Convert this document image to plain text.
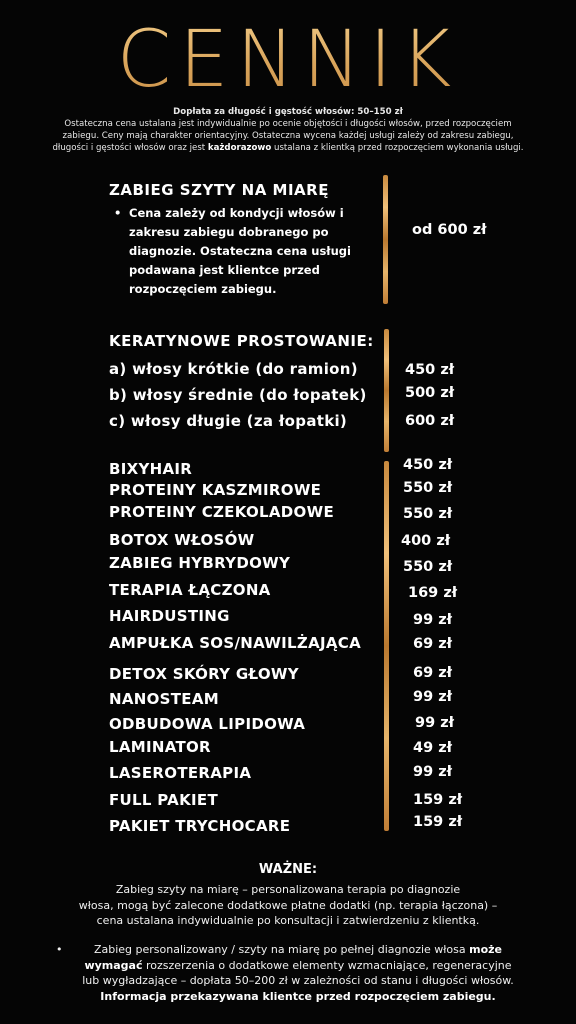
CENNIK
Dopłata za długość i gęstość włosów: 50–150 zł
Ostateczna cena ustalana jest indywidualnie po ocenie objętości i długości włosów, przed rozpoczęciem
zabiegu. Ceny mają charakter orientacyjny. Ostateczna wycena każdej usługi zależy od zakresu zabiegu,
długości i gęstości włosów oraz jest każdorazowo ustalana z klientką przed rozpoczęciem wykonania usługi.
ZABIEG SZYTY NA MIARĘ
• Cena zależy od kondycji włosów i
zakresu zabiegu dobranego po
diagnozie. Ostateczna cena usługi
podawana jest klientce przed
rozpoczęciem zabiegu.
od 600 zł
KERATYNOWE PROSTOWANIE:
a) włosy krótkie (do ramion)	450 zł
b) włosy średnie (do łopatek)	500 zł
c) włosy długie (za łopatki)	600 zł
BIXYHAIR	450 zł
PROTEINY KASZMIROWE	550 zł
PROTEINY CZEKOLADOWE	550 zł
BOTOX WŁOSÓW	400 zł
ZABIEG HYBRYDOWY	550 zł
TERAPIA ŁĄCZONA	169 zł
HAIRDUSTING	99 zł
AMPUŁKA SOS/NAWILŻAJĄCA	69 zł
DETOX SKÓRY GŁOWY	69 zł
NANOSTEAM	99 zł
ODBUDOWA LIPIDOWA	99 zł
LAMINATOR	49 zł
LASEROTERAPIA	99 zł
FULL PAKIET	159 zł
PAKIET TRYCHOCARE	159 zł
WAŻNE:
Zabieg szyty na miarę – personalizowana terapia po diagnozie
włosa, mogą być zalecone dodatkowe płatne dodatki (np. terapia łączona) –
cena ustalana indywidualnie po konsultacji i zatwierdzeniu z klientką.
•	Zabieg personalizowany / szyty na miarę po pełnej diagnozie włosa może
wymagać rozszerzenia o dodatkowe elementy wzmacniające, regeneracyjne
lub wygładzające – dopłata 50–200 zł w zależności od stanu i długości włosów.
Informacja przekazywana klientce przed rozpoczęciem zabiegu.
